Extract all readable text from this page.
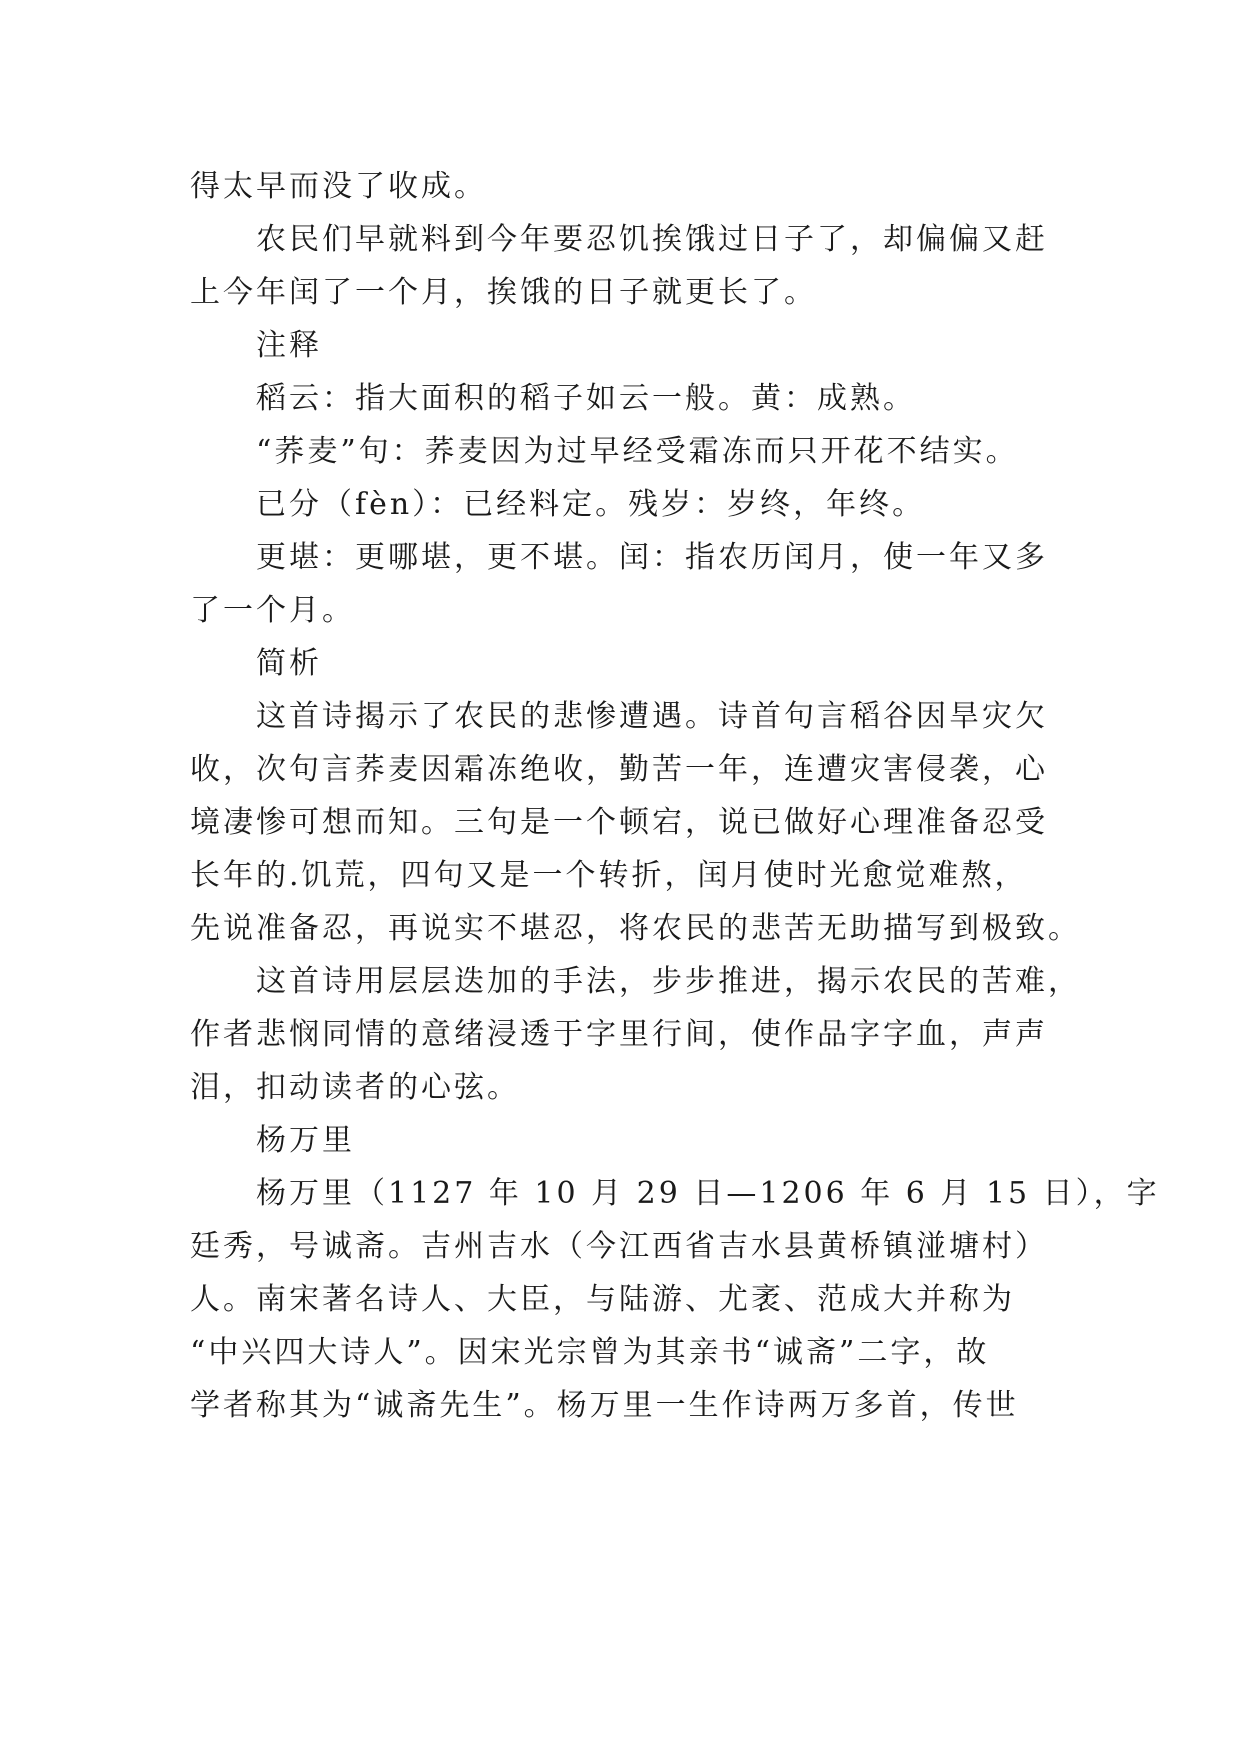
得太早而没了收成。

农民们早就料到今年要忍饥挨饿过日子了，却偏偏又赶

上今年闰了一个月，挨饿的日子就更长了。

注释

稻云：指大面积的稻子如云一般。黄：成熟。

“荞麦”句：荞麦因为过早经受霜冻而只开花不结实。

已分（fèn）：已经料定。残岁：岁终，年终。

更堪：更哪堪，更不堪。闰：指农历闰月，使一年又多

了一个月。

简析

这首诗揭示了农民的悲惨遭遇。诗首句言稻谷因旱灾欠

收，次句言荞麦因霜冻绝收，勤苦一年，连遭灾害侵袭，心

境凄惨可想而知。三句是一个顿宕，说已做好心理准备忍受

长年的.饥荒，四句又是一个转折，闰月使时光愈觉难熬，

先说准备忍，再说实不堪忍，将农民的悲苦无助描写到极致。

这首诗用层层迭加的手法，步步推进，揭示农民的苦难，

作者悲悯同情的意绪浸透于字里行间，使作品字字血，声声

泪，扣动读者的心弦。

杨万里

杨万里（1127 年 10 月 29 日—1206 年 6 月 15 日），字

廷秀，号诚斋。吉州吉水（今江西省吉水县黄桥镇湴塘村）

人。南宋著名诗人、大臣，与陆游、尤袤、范成大并称为

“中兴四大诗人”。因宋光宗曾为其亲书“诚斋”二字，故

学者称其为“诚斋先生”。杨万里一生作诗两万多首，传世
